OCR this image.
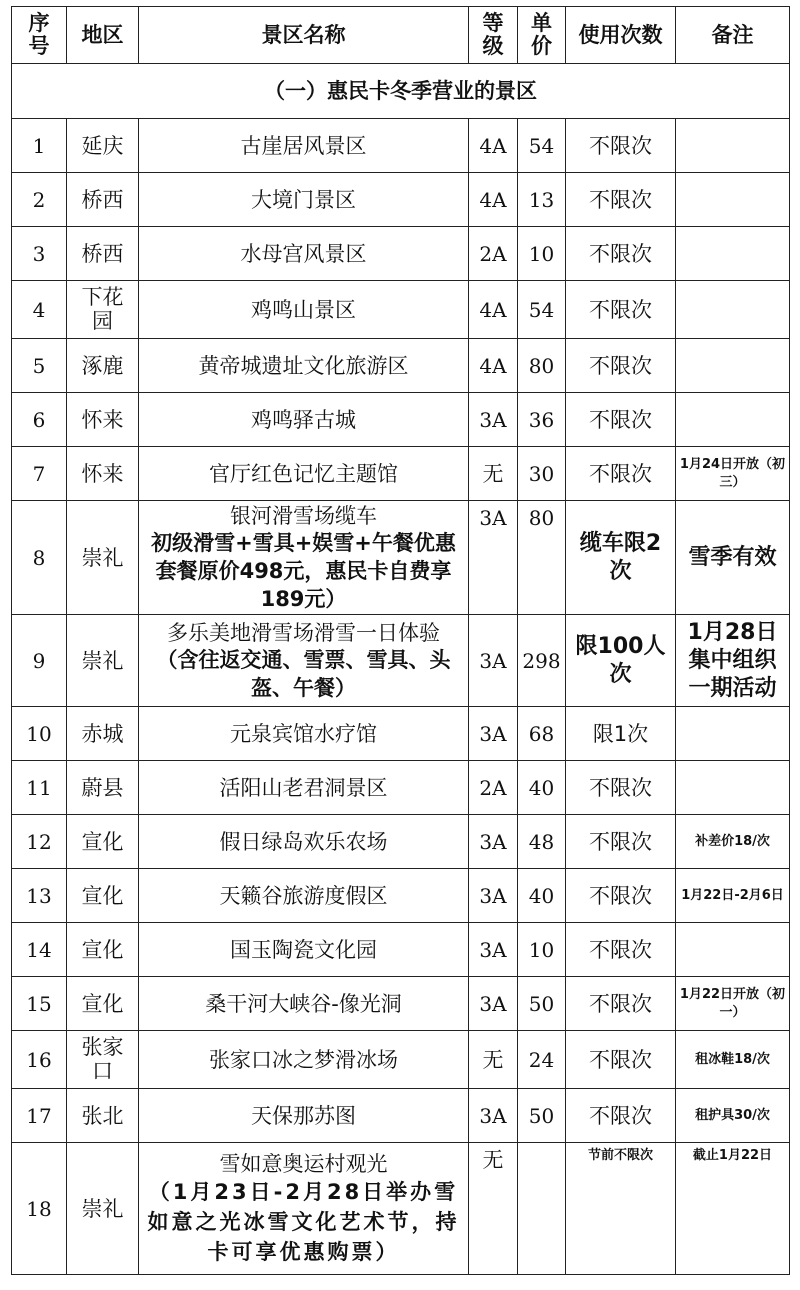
序号	地区	景区名称	等级	单价	使用次数	备注
（一）惠民卡冬季营业的景区						
1	延庆	古崖居风景区	4A	54	不限次	
2	桥西	大境门景区	4A	13	不限次	
3	桥西	水母宫风景区	2A	10	不限次	
4	下花园	鸡鸣山景区	4A	54	不限次	
5	涿鹿	黄帝城遗址文化旅游区	4A	80	不限次	
6	怀来	鸡鸣驿古城	3A	36	不限次	
7	怀来	官厅红色记忆主题馆	无	30	不限次	1月24日开放（初三）
8	崇礼	银河滑雪场缆车
初级滑雪+雪具+娱雪+午餐优惠套餐原价498元，惠民卡自费享189元）	3A	80	缆车限2次	雪季有效
9	崇礼	多乐美地滑雪场滑雪一日体验
（含往返交通、雪票、雪具、头盔、午餐）	3A	298	限100人次	1月28日集中组织一期活动
10	赤城	元泉宾馆水疗馆	3A	68	限1次	
11	蔚县	活阳山老君洞景区	2A	40	不限次	
12	宣化	假日绿岛欢乐农场	3A	48	不限次	补差价18/次
13	宣化	天籁谷旅游度假区	3A	40	不限次	1月22日-2月6日
14	宣化	国玉陶瓷文化园	3A	10	不限次	
15	宣化	桑干河大峡谷-像光洞	3A	50	不限次	1月22日开放（初一）
16	张家口	张家口冰之梦滑冰场	无	24	不限次	租冰鞋18/次
17	张北	天保那苏图	3A	50	不限次	租护具30/次
18	崇礼	雪如意奥运村观光
（1月23日-2月28日举办雪如意之光冰雪文化艺术节，持卡可享优惠购票）	无		节前不限次	截止1月22日
